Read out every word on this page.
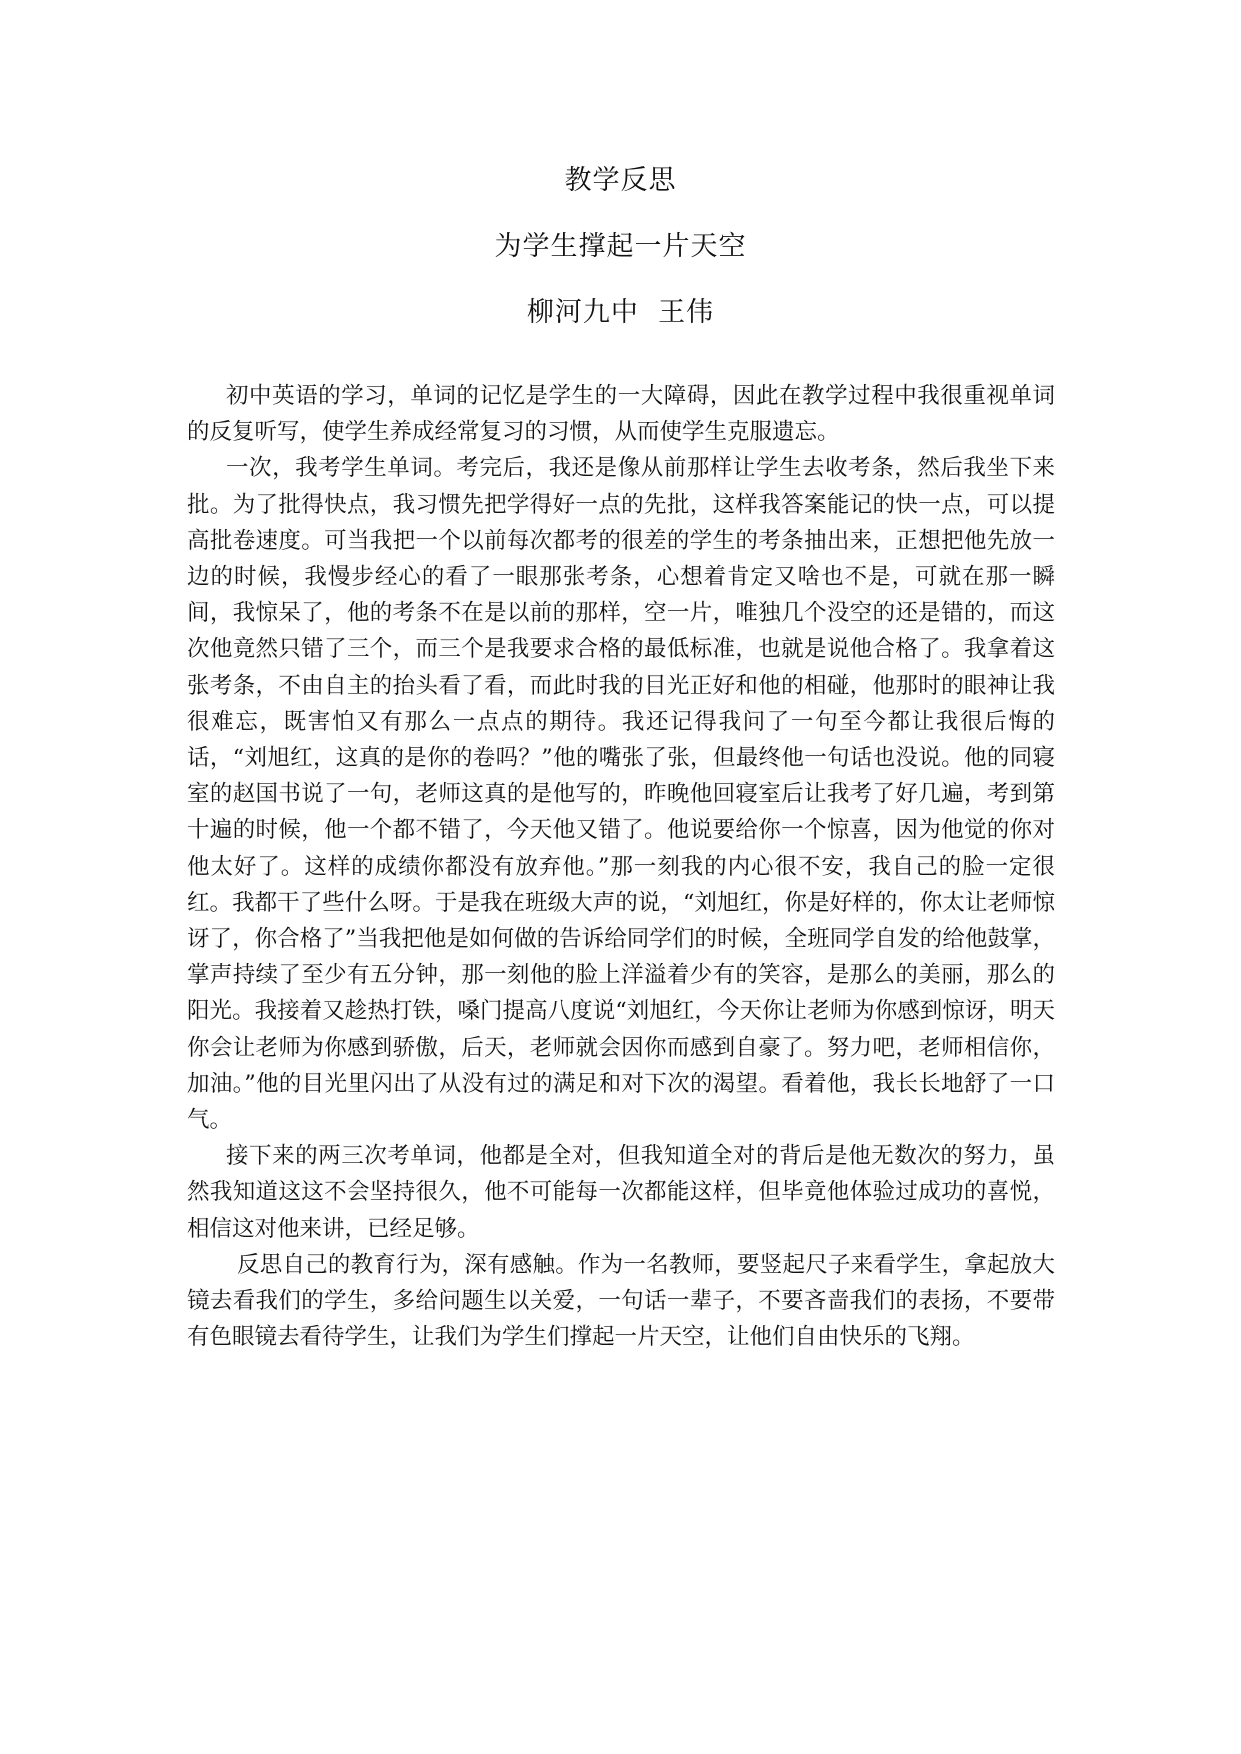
教学反思
为学生撑起一片天空
柳河九中  王伟

初中英语的学习，单词的记忆是学生的一大障碍，因此在教学过程中我很重视单词的反复听写，使学生养成经常复习的习惯，从而使学生克服遗忘。

一次，我考学生单词。考完后，我还是像从前那样让学生去收考条，然后我坐下来批。为了批得快点，我习惯先把学得好一点的先批，这样我答案能记的快一点，可以提高批卷速度。可当我把一个以前每次都考的很差的学生的考条抽出来，正想把他先放一边的时候，我慢步经心的看了一眼那张考条，心想着肯定又啥也不是，可就在那一瞬间，我惊呆了，他的考条不在是以前的那样，空一片，唯独几个没空的还是错的，而这次他竟然只错了三个，而三个是我要求合格的最低标准，也就是说他合格了。我拿着这张考条，不由自主的抬头看了看，而此时我的目光正好和他的相碰，他那时的眼神让我很难忘，既害怕又有那么一点点的期待。我还记得我问了一句至今都让我很后悔的话，“刘旭红，这真的是你的卷吗？”他的嘴张了张，但最终他一句话也没说。他的同寝室的赵国书说了一句，老师这真的是他写的，昨晚他回寝室后让我考了好几遍，考到第十遍的时候，他一个都不错了，今天他又错了。他说要给你一个惊喜，因为他觉的你对他太好了。这样的成绩你都没有放弃他。”那一刻我的内心很不安，我自己的脸一定很红。我都干了些什么呀。于是我在班级大声的说，“刘旭红，你是好样的，你太让老师惊讶了，你合格了”当我把他是如何做的告诉给同学们的时候，全班同学自发的给他鼓掌，掌声持续了至少有五分钟，那一刻他的脸上洋溢着少有的笑容，是那么的美丽，那么的阳光。我接着又趁热打铁，嗓门提高八度说“刘旭红，今天你让老师为你感到惊讶，明天你会让老师为你感到骄傲，后天，老师就会因你而感到自豪了。努力吧，老师相信你，加油。”他的目光里闪出了从没有过的满足和对下次的渴望。看着他，我长长地舒了一口气。

接下来的两三次考单词，他都是全对，但我知道全对的背后是他无数次的努力，虽然我知道这这不会坚持很久，他不可能每一次都能这样，但毕竟他体验过成功的喜悦，相信这对他来讲，已经足够。

反思自己的教育行为，深有感触。作为一名教师，要竖起尺子来看学生，拿起放大镜去看我们的学生，多给问题生以关爱，一句话一辈子，不要吝啬我们的表扬，不要带有色眼镜去看待学生，让我们为学生们撑起一片天空，让他们自由快乐的飞翔。
